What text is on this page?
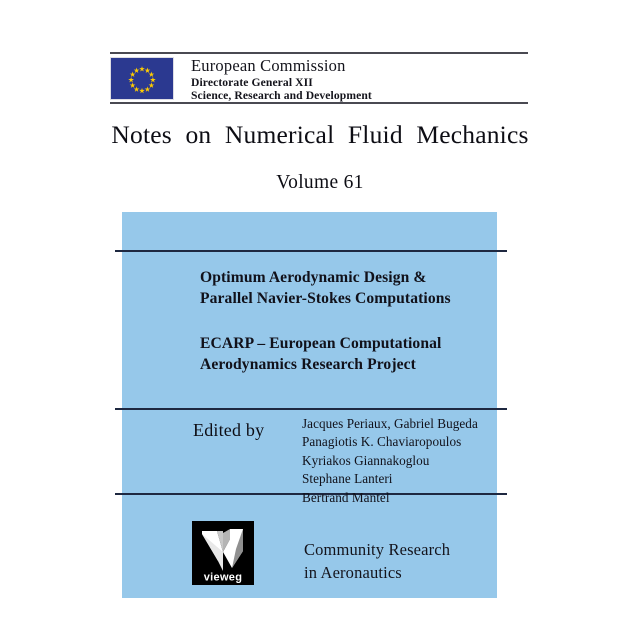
European Commission
Directorate General XII
Science, Research and Development
Notes on Numerical Fluid Mechanics
Volume 61
Optimum Aerodynamic Design &
Parallel Navier-Stokes Computations
ECARP – European Computational
Aerodynamics Research Project
Edited by	Jacques Periaux, Gabriel Bugeda
Panagiotis K. Chaviaropoulos
Kyriakos Giannakoglou
Stephane Lanteri
Bertrand Mantel
vieweg
Community Research
in Aeronautics
